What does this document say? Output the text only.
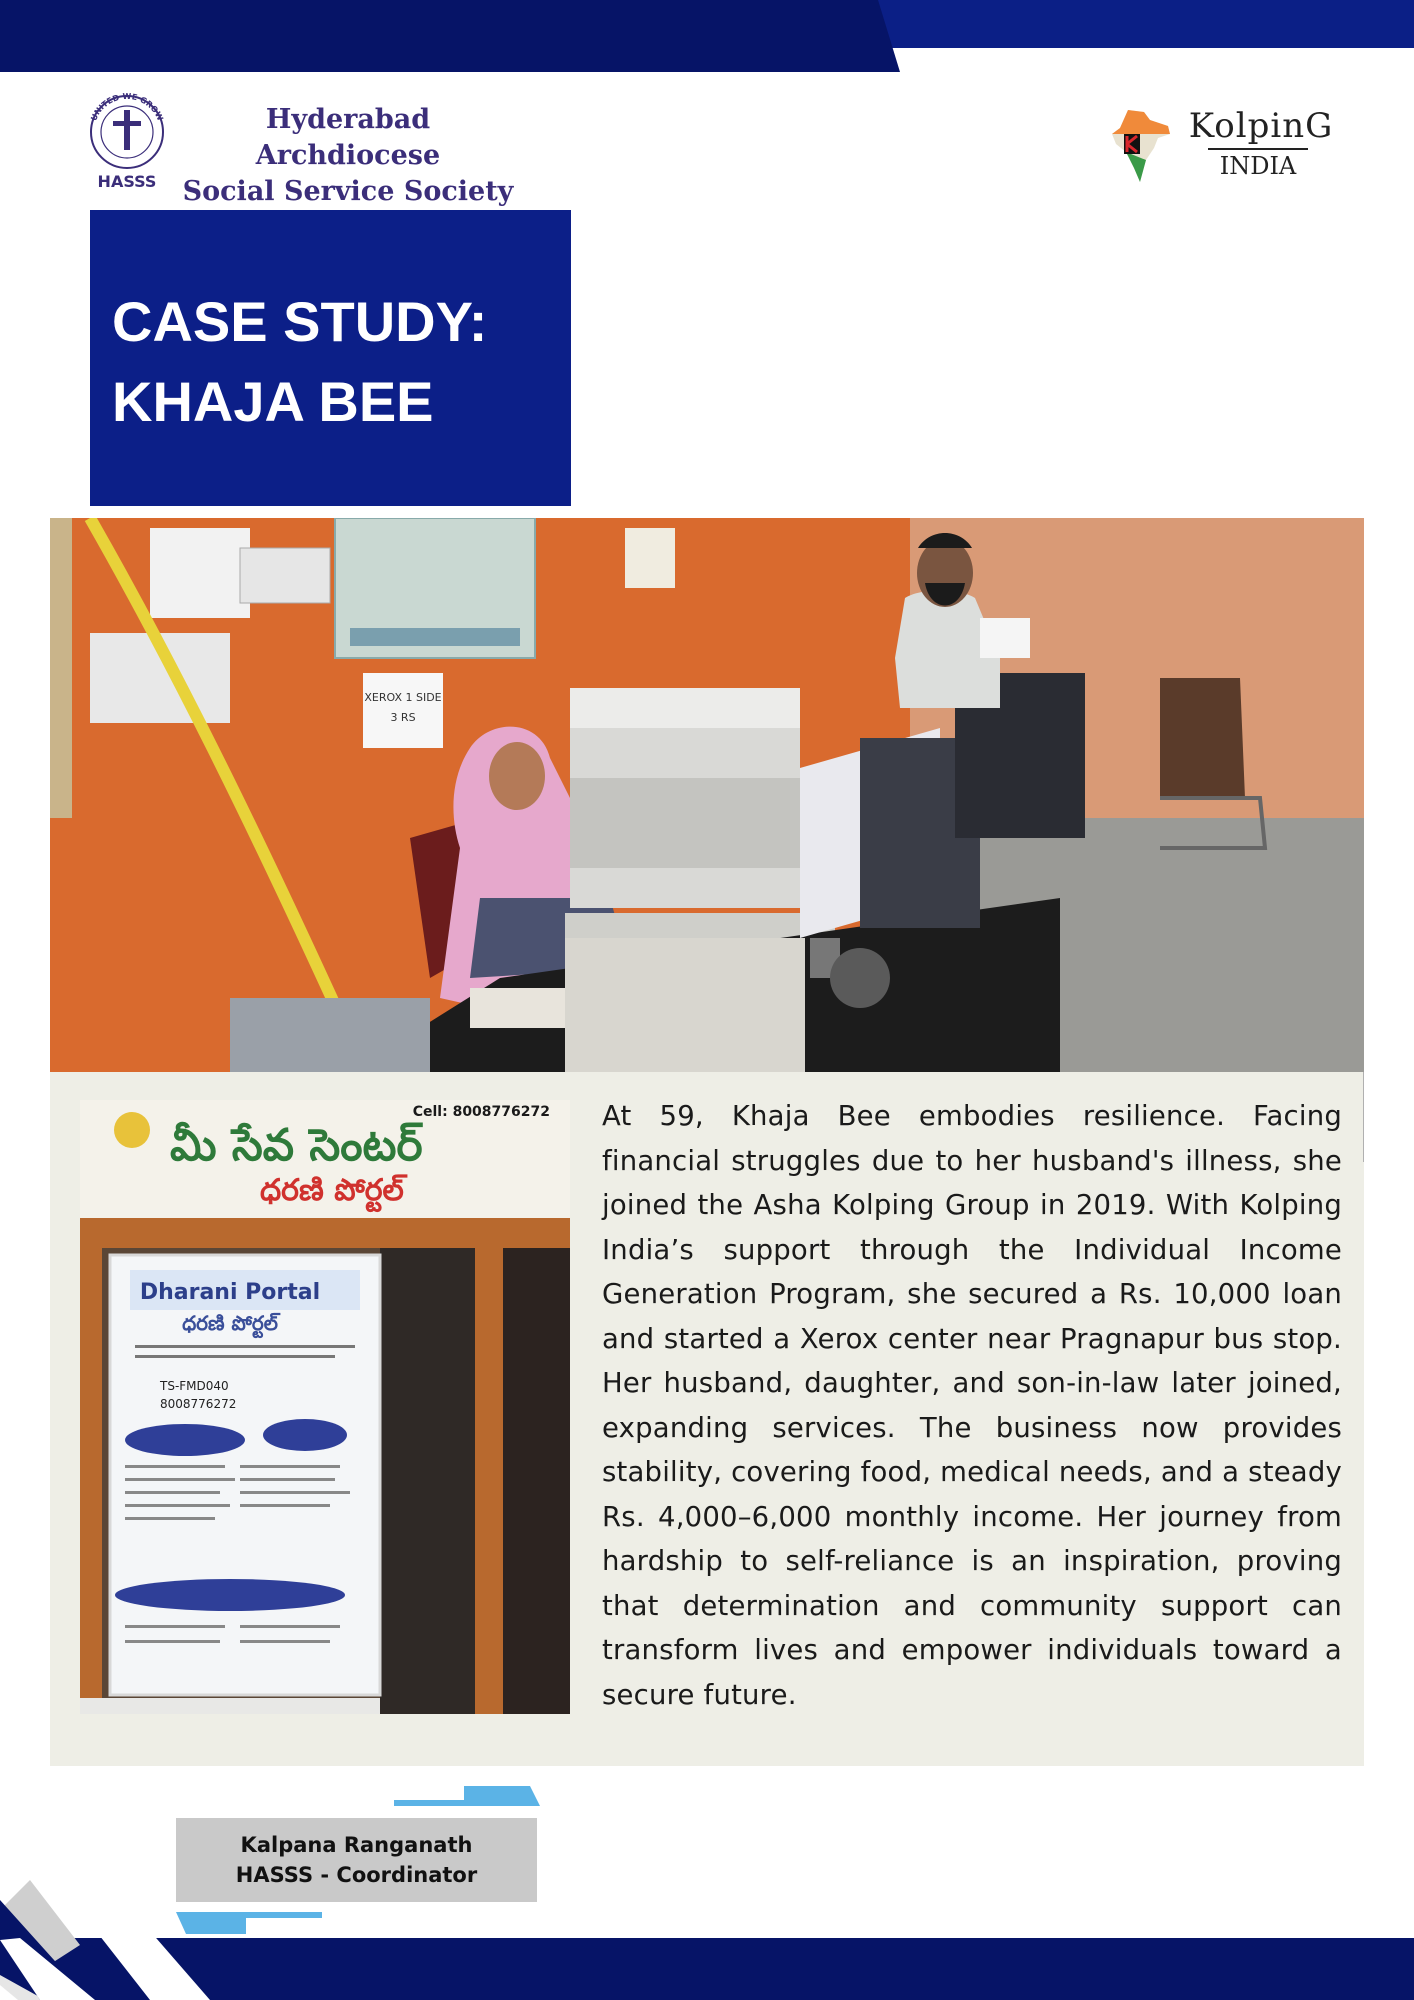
UNITED WE GROW
HASSS
Hyderabad Archdiocese
Social Service Society
KolpinG
INDIA
CASE STUDY:
KHAJA BEE
XEROX 1 SIDE
3 RS
Cell: 8008776272
మీ సేవ సెంటర్
ధరణి పోర్టల్
Dharani Portal
ధరణి పోర్టల్
TS-FMD040
8008776272

At 59, Khaja Bee embodies resilience. Facing financial struggles due to her husband's illness, she joined the Asha Kolping Group in 2019. With Kolping India’s support through the Individual Income Generation Program, she secured a Rs. 10,000 loan and started a Xerox center near Pragnapur bus stop. Her husband, daughter, and son-in-law later joined, expanding services. The business now provides stability, covering food, medical needs, and a steady Rs. 4,000–6,000 monthly income. Her journey from hardship to self-reliance is an inspiration, proving that determination and community support can transform lives and empower individuals toward a secure future.

Kalpana Ranganath
HASSS - Coordinator
